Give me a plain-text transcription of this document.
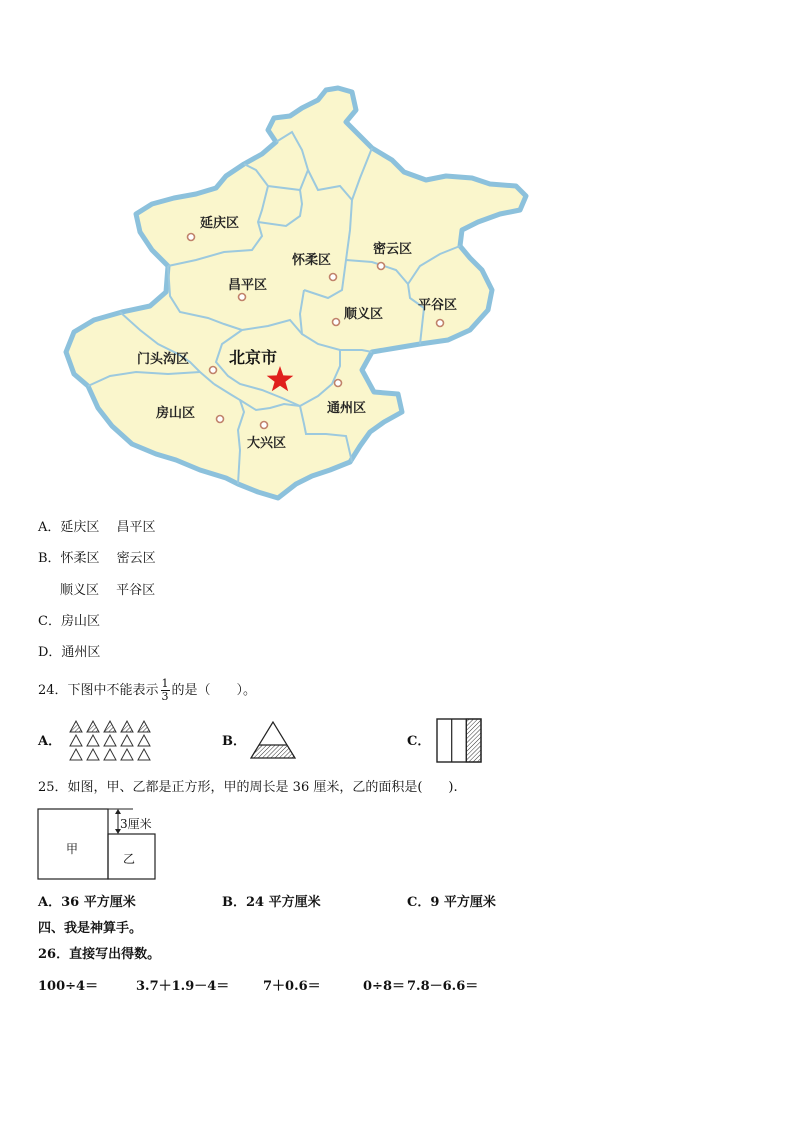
延庆区
怀柔区
密云区
昌平区
平谷区
顺义区
门头沟区
通州区
房山区
大兴区
北京市
A．延庆区　 昌平区
B．怀柔区　 密云区
顺义区　 平谷区
C．房山区
D．通州区
24．下图中不能表示 $\frac{1}{3}$ 的是（　　）。
A．	B．	C．
25．如图，甲、乙都是正方形，甲的周长是 36 厘米，乙的面积是(　　).
甲
乙
3厘米
A．36 平方厘米	B．24 平方厘米	C．9 平方厘米
四、我是神算手。
26．直接写出得数。
100÷4＝	3.7＋1.9－4＝	7＋0.6＝	0÷8＝ 7.8－6.6＝
